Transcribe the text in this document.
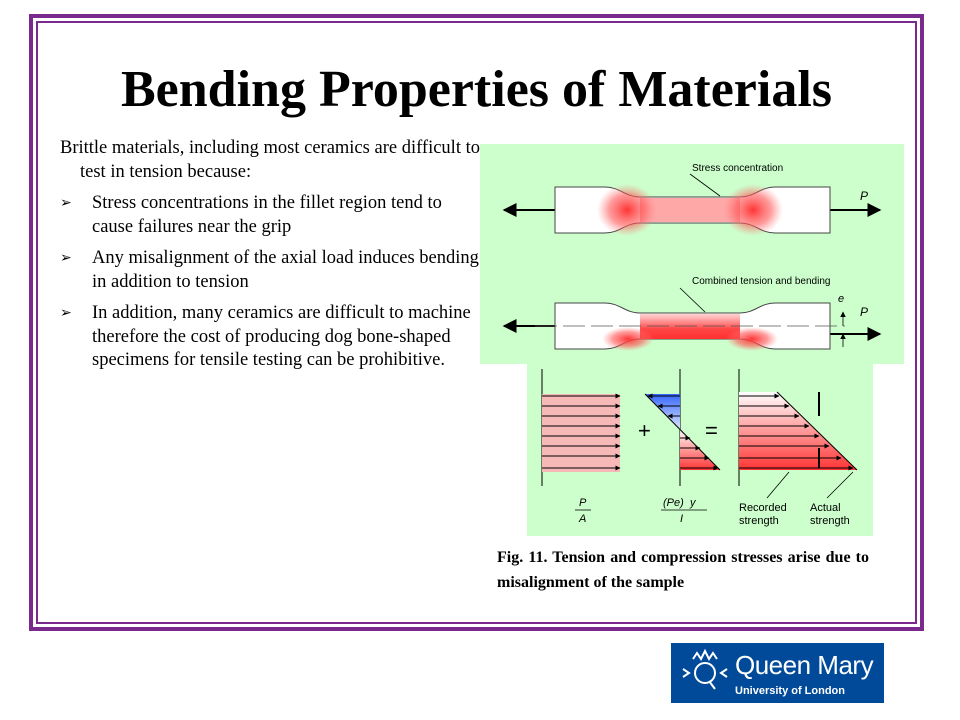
Bending Properties of Materials

Brittle materials, including most ceramics are difficult to test in tension because:

➢	Stress concentrations in the fillet region tend to cause failures near the grip
➢	Any misalignment of the axial load induces bending in addition to tension
➢	In addition, many ceramics are difficult to machine therefore the cost of producing dog bone-shaped specimens for tensile testing can be prohibitive.
Stress concentration
P
Combined tension and bending
e
P
P
A
+
(Pe) y
I
=
Recorded
strength
Actual
strength
Fig. 11. Tension and compression stresses arise due to misalignment of the sample
Queen Mary
University of London
